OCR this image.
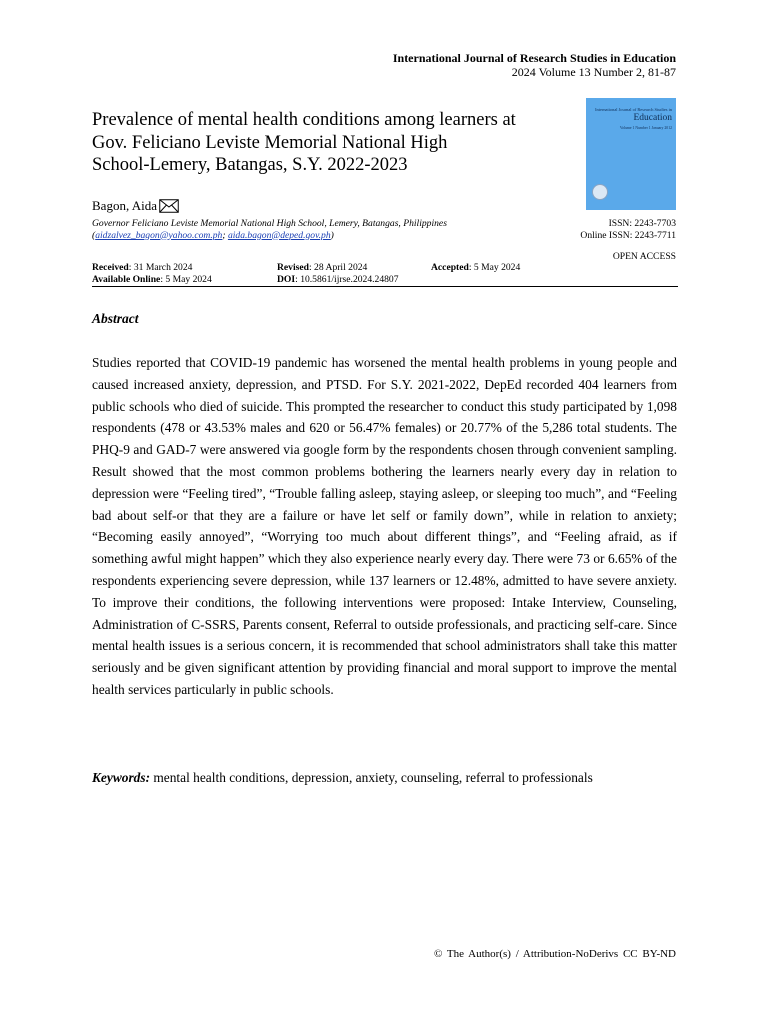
International Journal of Research Studies in Education
2024 Volume 13 Number 2, 81-87
Prevalence of mental health conditions among learners at
Gov. Feliciano Leviste Memorial National High
School-Lemery, Batangas, S.Y. 2022-2023
International Journal of Research Studies in
Education
Volume 1 Number 1 January 2012
Bagon, Aida
Governor Feliciano Leviste Memorial National High School, Lemery, Batangas, Philippines
(aidzalvez_bagon@yahoo.com.ph; aida.bagon@deped.gov.ph)
ISSN: 2243-7703
Online ISSN: 2243-7711
OPEN ACCESS
Received: 31 March 2024
Available Online: 5 May 2024
Revised: 28 April 2024
DOI: 10.5861/ijrse.2024.24807
Accepted: 5 May 2024
Abstract
Studies reported that COVID-19 pandemic has worsened the mental health problems in young people and caused increased anxiety, depression, and PTSD. For S.Y. 2021-2022, DepEd recorded 404 learners from public schools who died of suicide. This prompted the researcher to conduct this study participated by 1,098 respondents (478 or 43.53% males and 620 or 56.47% females) or 20.77% of the 5,286 total students. The PHQ-9 and GAD-7 were answered via google form by the respondents chosen through convenient sampling. Result showed that the most common problems bothering the learners nearly every day in relation to depression were “Feeling tired”, “Trouble falling asleep, staying asleep, or sleeping too much”, and “Feeling bad about self-or that they are a failure or have let self or family down”, while in relation to anxiety; “Becoming easily annoyed”, “Worrying too much about different things”, and “Feeling afraid, as if something awful might happen” which they also experience nearly every day. There were 73 or 6.65% of the respondents experiencing severe depression, while 137 learners or 12.48%, admitted to have severe anxiety. To improve their conditions, the following interventions were proposed: Intake Interview, Counseling, Administration of C-SSRS, Parents consent, Referral to outside professionals, and practicing self-care. Since mental health issues is a serious concern, it is recommended that school administrators shall take this matter seriously and be given significant attention by providing financial and moral support to improve the mental health services particularly in public schools.
Keywords: mental health conditions, depression, anxiety, counseling, referral to professionals
© The Author(s) / Attribution-NoDerivs CC BY-ND
